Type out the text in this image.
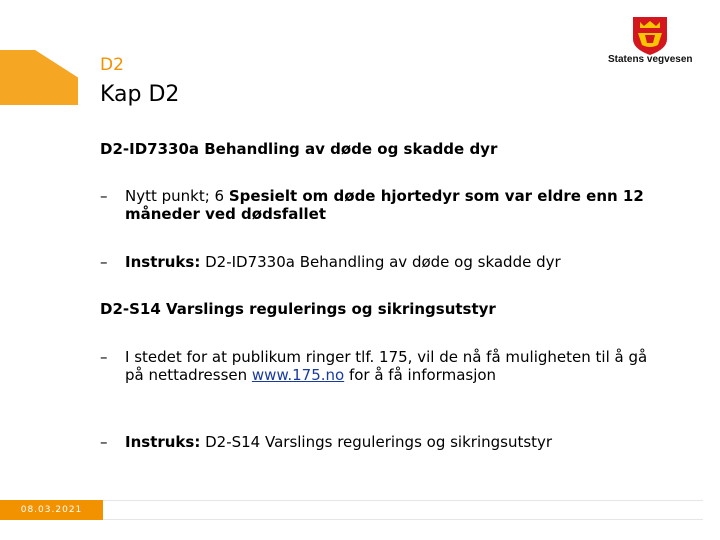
D2
Kap D2
Statens vegvesen
D2-ID7330a Behandling av døde og skadde dyr
–	Nytt punkt; 6 Spesielt om døde hjortedyr som var eldre enn 12 måneder ved dødsfallet
–	Instruks: D2-ID7330a Behandling av døde og skadde dyr
D2-S14 Varslings regulerings og sikringsutstyr
–	I stedet for at publikum ringer tlf. 175, vil de nå få muligheten til å gå på nettadressen www.175.no for å få informasjon
–	Instruks: D2-S14 Varslings regulerings og sikringsutstyr
08.03.2021
